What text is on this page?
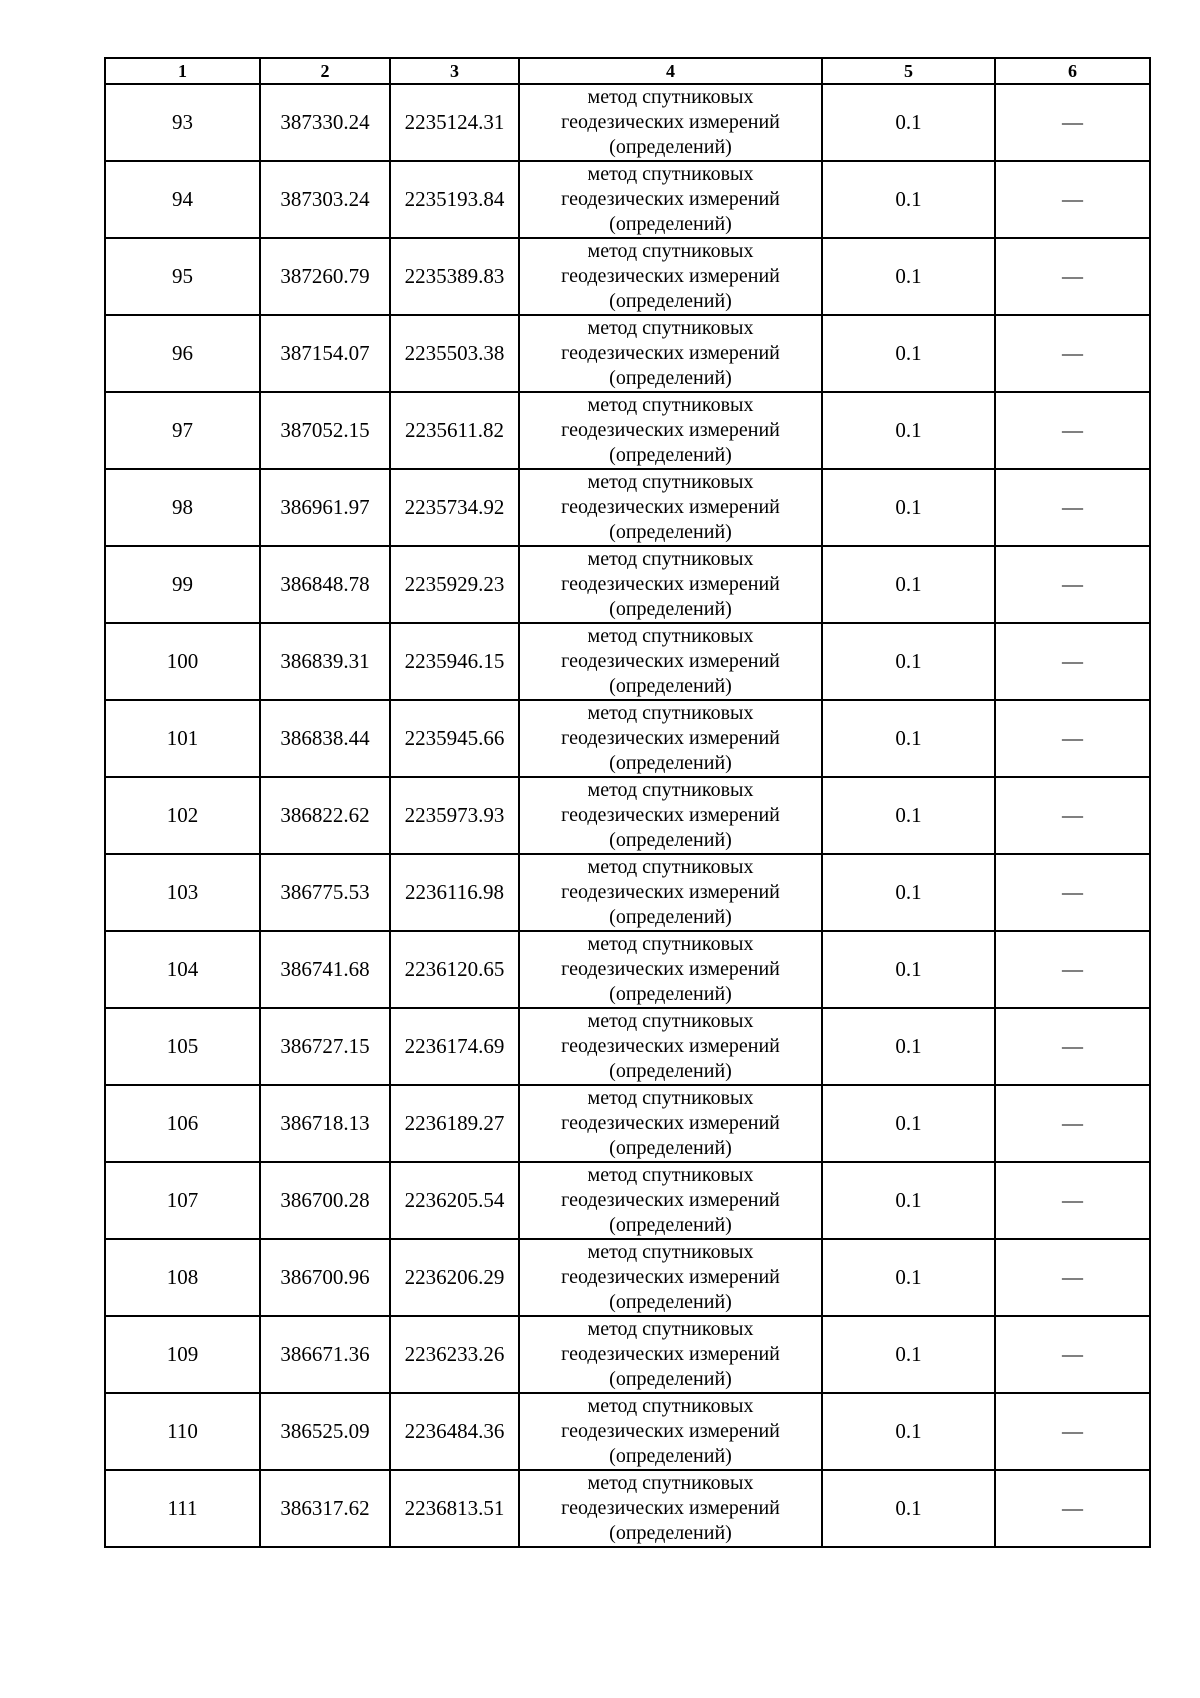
1	2	3	4	5	6
93	387330.24	2235124.31	метод спутниковых
геодезических измерений
(определений)	0.1	—
94	387303.24	2235193.84	метод спутниковых
геодезических измерений
(определений)	0.1	—
95	387260.79	2235389.83	метод спутниковых
геодезических измерений
(определений)	0.1	—
96	387154.07	2235503.38	метод спутниковых
геодезических измерений
(определений)	0.1	—
97	387052.15	2235611.82	метод спутниковых
геодезических измерений
(определений)	0.1	—
98	386961.97	2235734.92	метод спутниковых
геодезических измерений
(определений)	0.1	—
99	386848.78	2235929.23	метод спутниковых
геодезических измерений
(определений)	0.1	—
100	386839.31	2235946.15	метод спутниковых
геодезических измерений
(определений)	0.1	—
101	386838.44	2235945.66	метод спутниковых
геодезических измерений
(определений)	0.1	—
102	386822.62	2235973.93	метод спутниковых
геодезических измерений
(определений)	0.1	—
103	386775.53	2236116.98	метод спутниковых
геодезических измерений
(определений)	0.1	—
104	386741.68	2236120.65	метод спутниковых
геодезических измерений
(определений)	0.1	—
105	386727.15	2236174.69	метод спутниковых
геодезических измерений
(определений)	0.1	—
106	386718.13	2236189.27	метод спутниковых
геодезических измерений
(определений)	0.1	—
107	386700.28	2236205.54	метод спутниковых
геодезических измерений
(определений)	0.1	—
108	386700.96	2236206.29	метод спутниковых
геодезических измерений
(определений)	0.1	—
109	386671.36	2236233.26	метод спутниковых
геодезических измерений
(определений)	0.1	—
110	386525.09	2236484.36	метод спутниковых
геодезических измерений
(определений)	0.1	—
111	386317.62	2236813.51	метод спутниковых
геодезических измерений
(определений)	0.1	—
